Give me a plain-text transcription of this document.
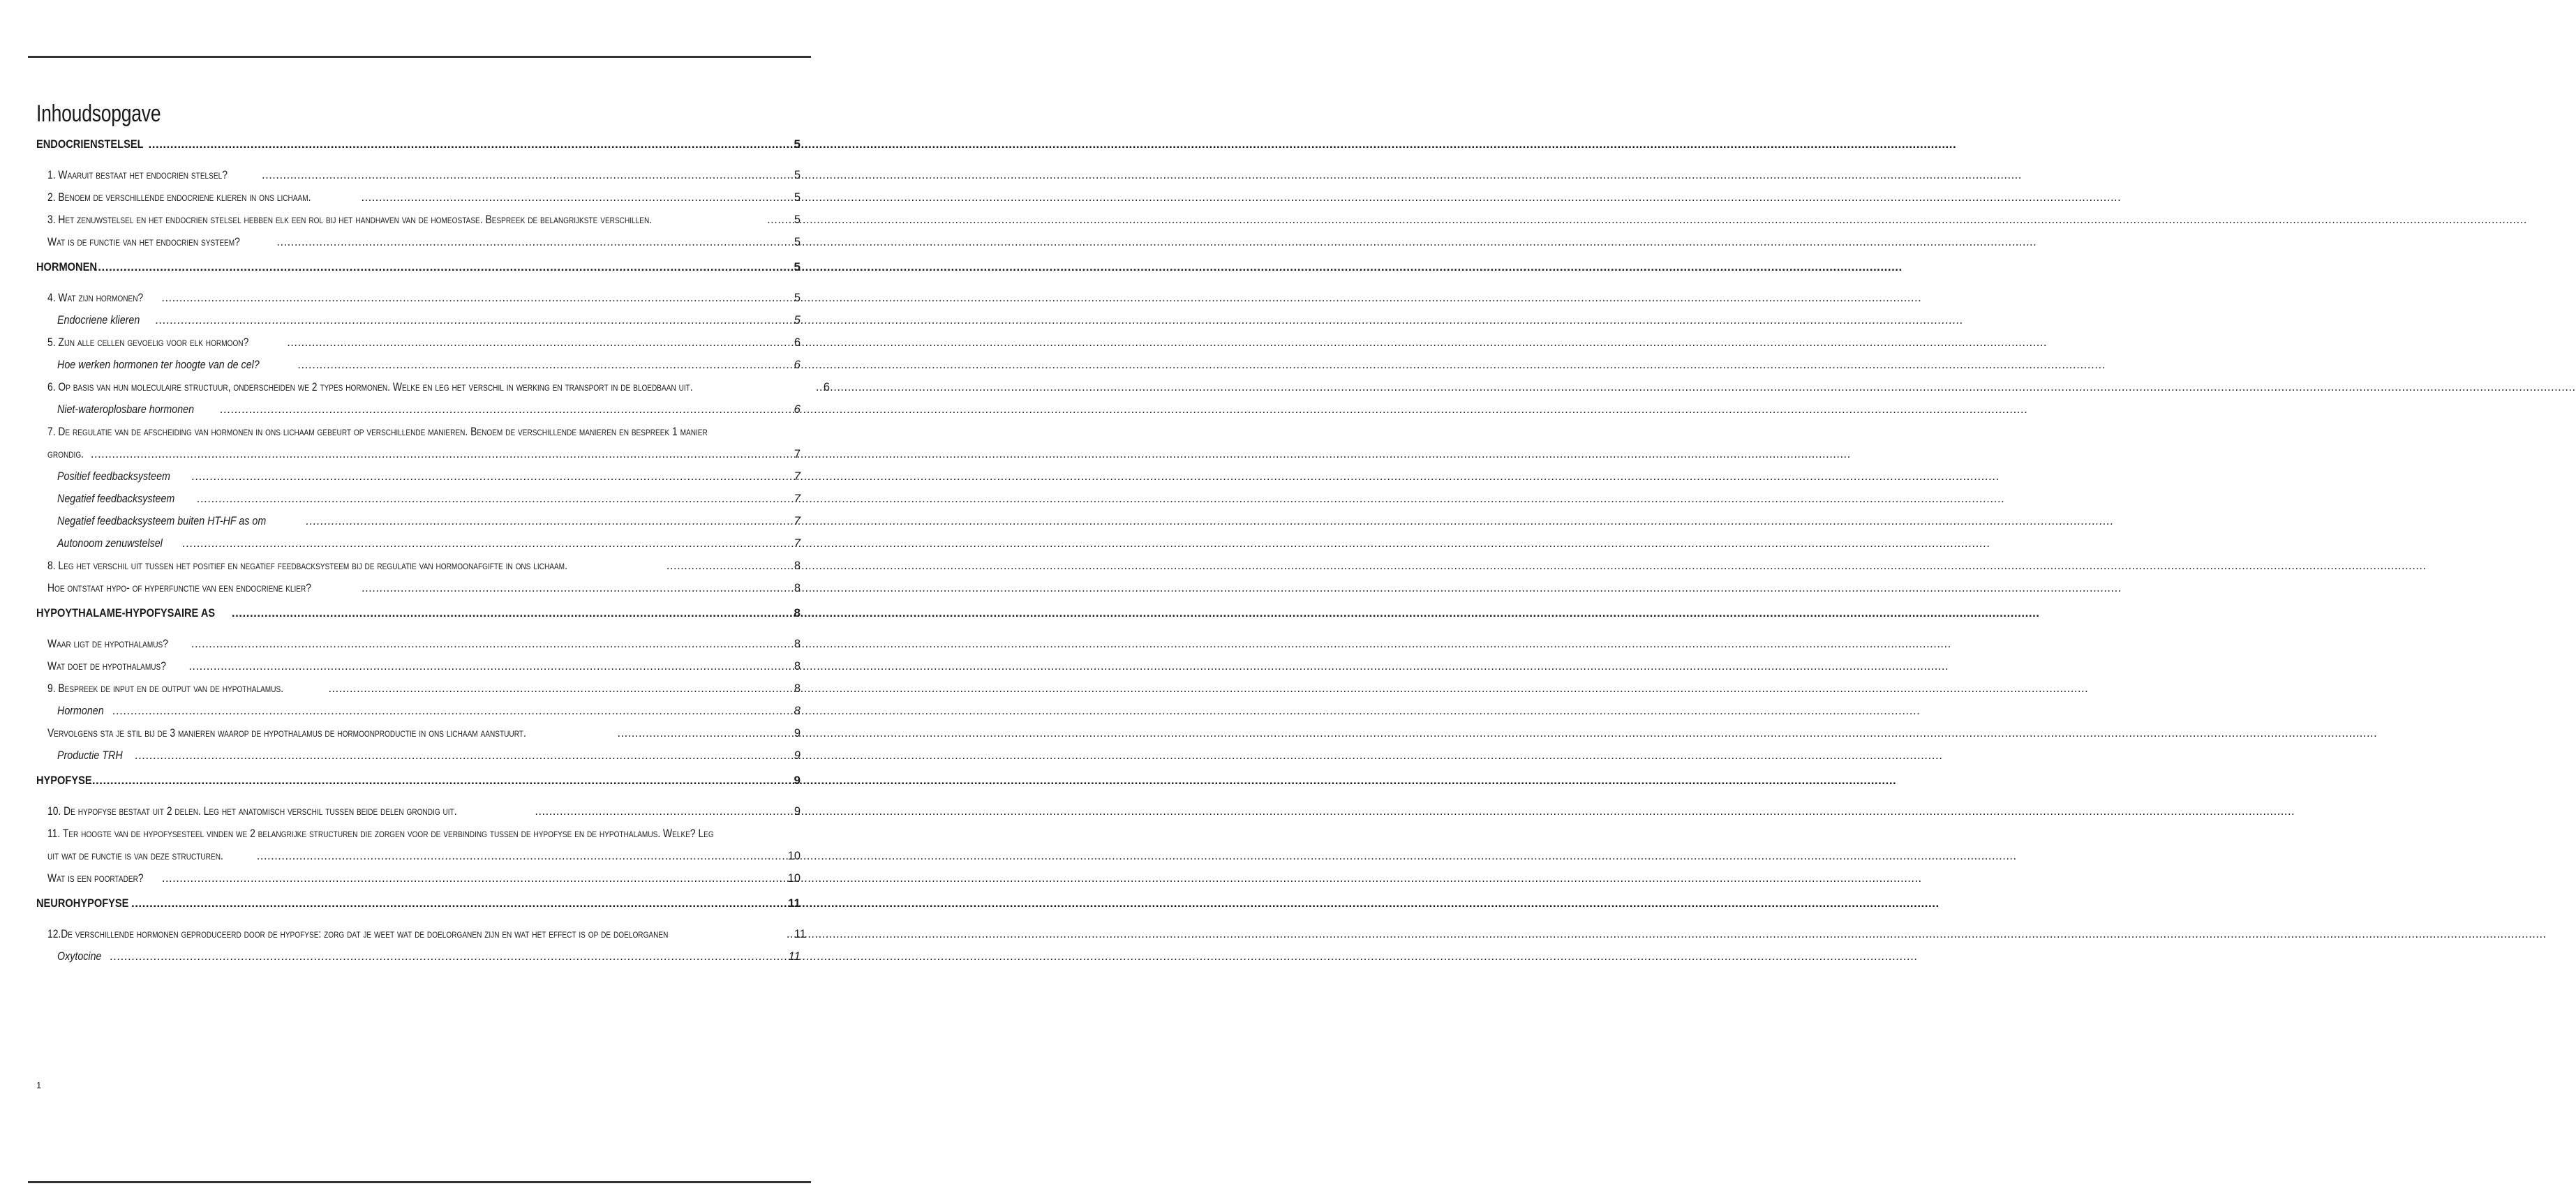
Inhoudsopgave
ENDOCRIENSTELSEL .....	5
1. Waaruit bestaat het endocrien stelsel? .....	5
2. Benoem de verschillende endocriene klieren in ons lichaam. .....	5
3. Het zenuwstelsel en het endocrien stelsel hebben elk een rol bij het handhaven van de homeostase. Bespreek de belangrijkste verschillen. .....	5
Wat is de functie van het endocrien systeem? .....	5
HORMONEN .....	5
4. Wat zijn hormonen? .....	5
Endocriene klieren .....	5
5. Zijn alle cellen gevoelig voor elk hormoon? .....	6
Hoe werken hormonen ter hoogte van de cel? .....	6
6. Op basis van hun moleculaire structuur, onderscheiden we 2 types hormonen. Welke en leg het verschil in werking en transport in de bloedbaan uit. .....	6
Niet-wateroplosbare hormonen .....	6
7. De regulatie van de afscheiding van hormonen in ons lichaam gebeurt op verschillende manieren. Benoem de verschillende manieren en bespreek 1 manier
grondig. .....	7
Positief feedbacksysteem .....	7
Negatief feedbacksysteem .....	7
Negatief feedbacksysteem buiten HT-HF as om .....	7
Autonoom zenuwstelsel .....	7
8. Leg het verschil uit tussen het positief en negatief feedbacksysteem bij de regulatie van hormoonafgifte in ons lichaam. .....	8
Hoe ontstaat hypo- of hyperfunctie van een endocriene klier? .....	8
HYPOYTHALAME-HYPOFYSAIRE AS .....	8
Waar ligt de hypothalamus? .....	8
Wat doet de hypothalamus? .....	8
9. Bespreek de input en de output van de hypothalamus. .....	8
Hormonen .....	8
Vervolgens sta je stil bij de 3 manieren waarop de hypothalamus de hormoonproductie in ons lichaam aanstuurt. .....	9
Productie TRH .....	9
HYPOFYSE .....	9
10. De hypofyse bestaat uit 2 delen. Leg het anatomisch verschil tussen beide delen grondig uit. .....	9
11. Ter hoogte van de hypofysesteel vinden we 2 belangrijke structuren die zorgen voor de verbinding tussen de hypofyse en de hypothalamus. Welke? Leg
uit wat de functie is van deze structuren. .....	10
Wat is een poortader? .....	10
NEUROHYPOFYSE .....	11
12.De verschillende hormonen geproduceerd door de hypofyse: zorg dat je weet wat de doelorganen zijn en wat het effect is op de doelorganen .....	11
Oxytocine .....	11
1
